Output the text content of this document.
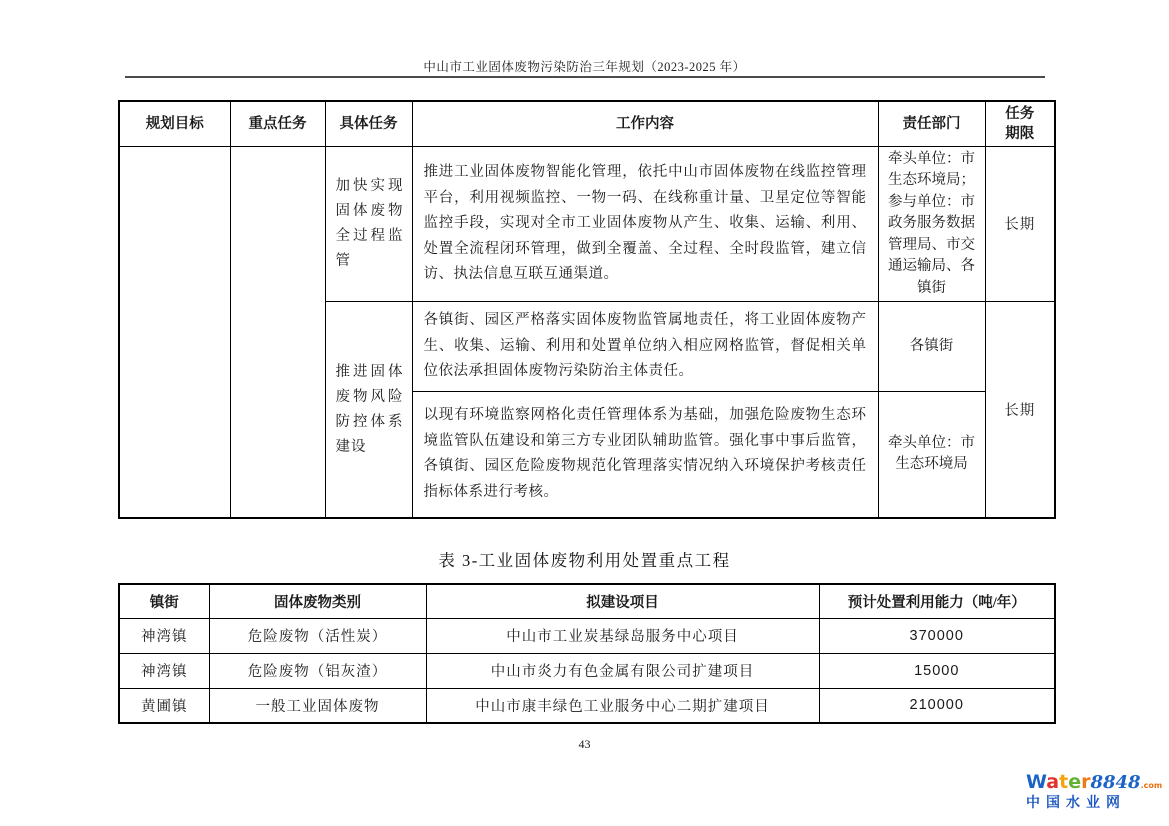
中山市工业固体废物污染防治三年规划（2023-2025 年）
规划目标	重点任务	具体任务	工作内容	责任部门	任务
期限

		加快实现固体废物全过程监管	推进工业固体废物智能化管理，依托中山市固体废物在线监控管理平台，利用视频监控、一物一码、在线称重计量、卫星定位等智能监控手段，实现对全市工业固体废物从产生、收集、运输、利用、处置全流程闭环管理，做到全覆盖、全过程、全时段监管，建立信访、执法信息互联互通渠道。	牵头单位：市生态环境局；参与单位：市政务服务数据管理局、市交通运输局、各镇街	长期
		推进固体废物风险防控体系建设	各镇街、园区严格落实固体废物监管属地责任，将工业固体废物产生、收集、运输、利用和处置单位纳入相应网格监管，督促相关单位依法承担固体废物污染防治主体责任。	各镇街	长期
			以现有环境监察网格化责任管理体系为基础，加强危险废物生态环境监管队伍建设和第三方专业团队辅助监管。强化事中事后监管，各镇街、园区危险废物规范化管理落实情况纳入环境保护考核责任指标体系进行考核。	牵头单位：市生态环境局	
表 3-工业固体废物利用处置重点工程
镇街	固体废物类别	拟建设项目	预计处置利用能力（吨/年）
神湾镇	危险废物（活性炭）	中山市工业炭基绿岛服务中心项目	370000
神湾镇	危险废物（铝灰渣）	中山市炎力有色金属有限公司扩建项目	15000
黄圃镇	一般工业固体废物	中山市康丰绿色工业服务中心二期扩建项目	210000
43
Water8848.com
中国水业网
